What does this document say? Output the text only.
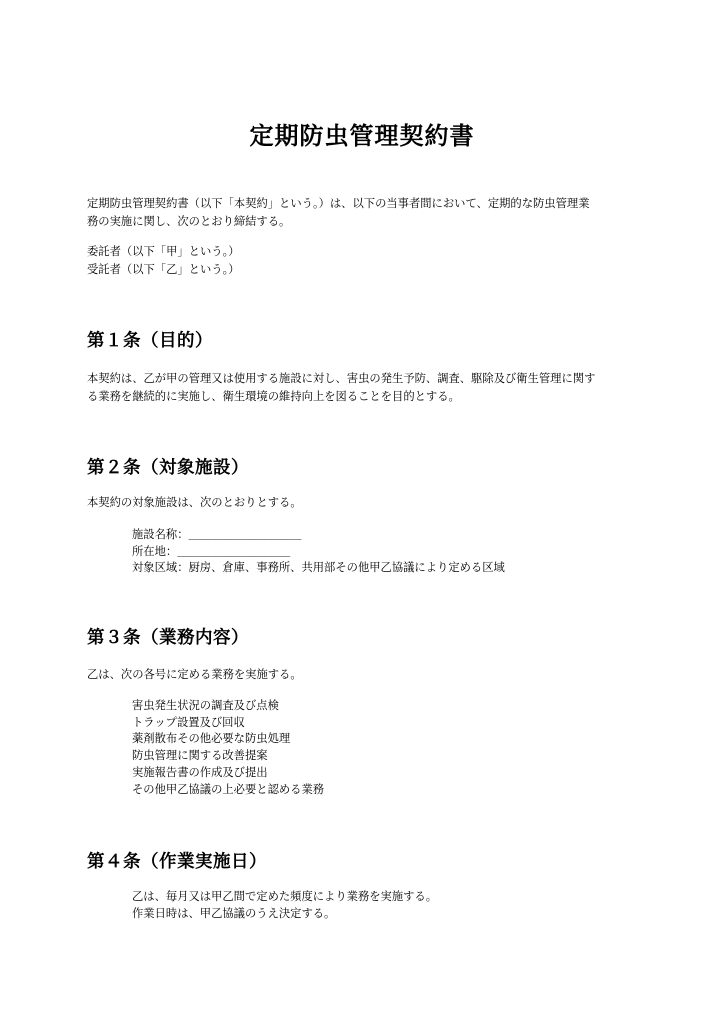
定期防虫管理契約書

定期防虫管理契約書（以下「本契約」という。）は、以下の当事者間において、定期的な防虫管理業

務の実施に関し、次のとおり締結する。

委託者（以下「甲」という。）

受託者（以下「乙」という。）

第１条（目的）

本契約は、乙が甲の管理又は使用する施設に対し、害虫の発生予防、調査、駆除及び衛生管理に関す

る業務を継続的に実施し、衛生環境の維持向上を図ることを目的とする。

第２条（対象施設）

本契約の対象施設は、次のとおりとする。

施設名称：＿＿＿＿＿＿＿＿＿＿
所在地：＿＿＿＿＿＿＿＿＿＿
対象区域：厨房、倉庫、事務所、共用部その他甲乙協議により定める区域
第３条（業務内容）

乙は、次の各号に定める業務を実施する。

害虫発生状況の調査及び点検
トラップ設置及び回収
薬剤散布その他必要な防虫処理
防虫管理に関する改善提案
実施報告書の作成及び提出
その他甲乙協議の上必要と認める業務
第４条（作業実施日）
乙は、毎月又は甲乙間で定めた頻度により業務を実施する。
作業日時は、甲乙協議のうえ決定する。
